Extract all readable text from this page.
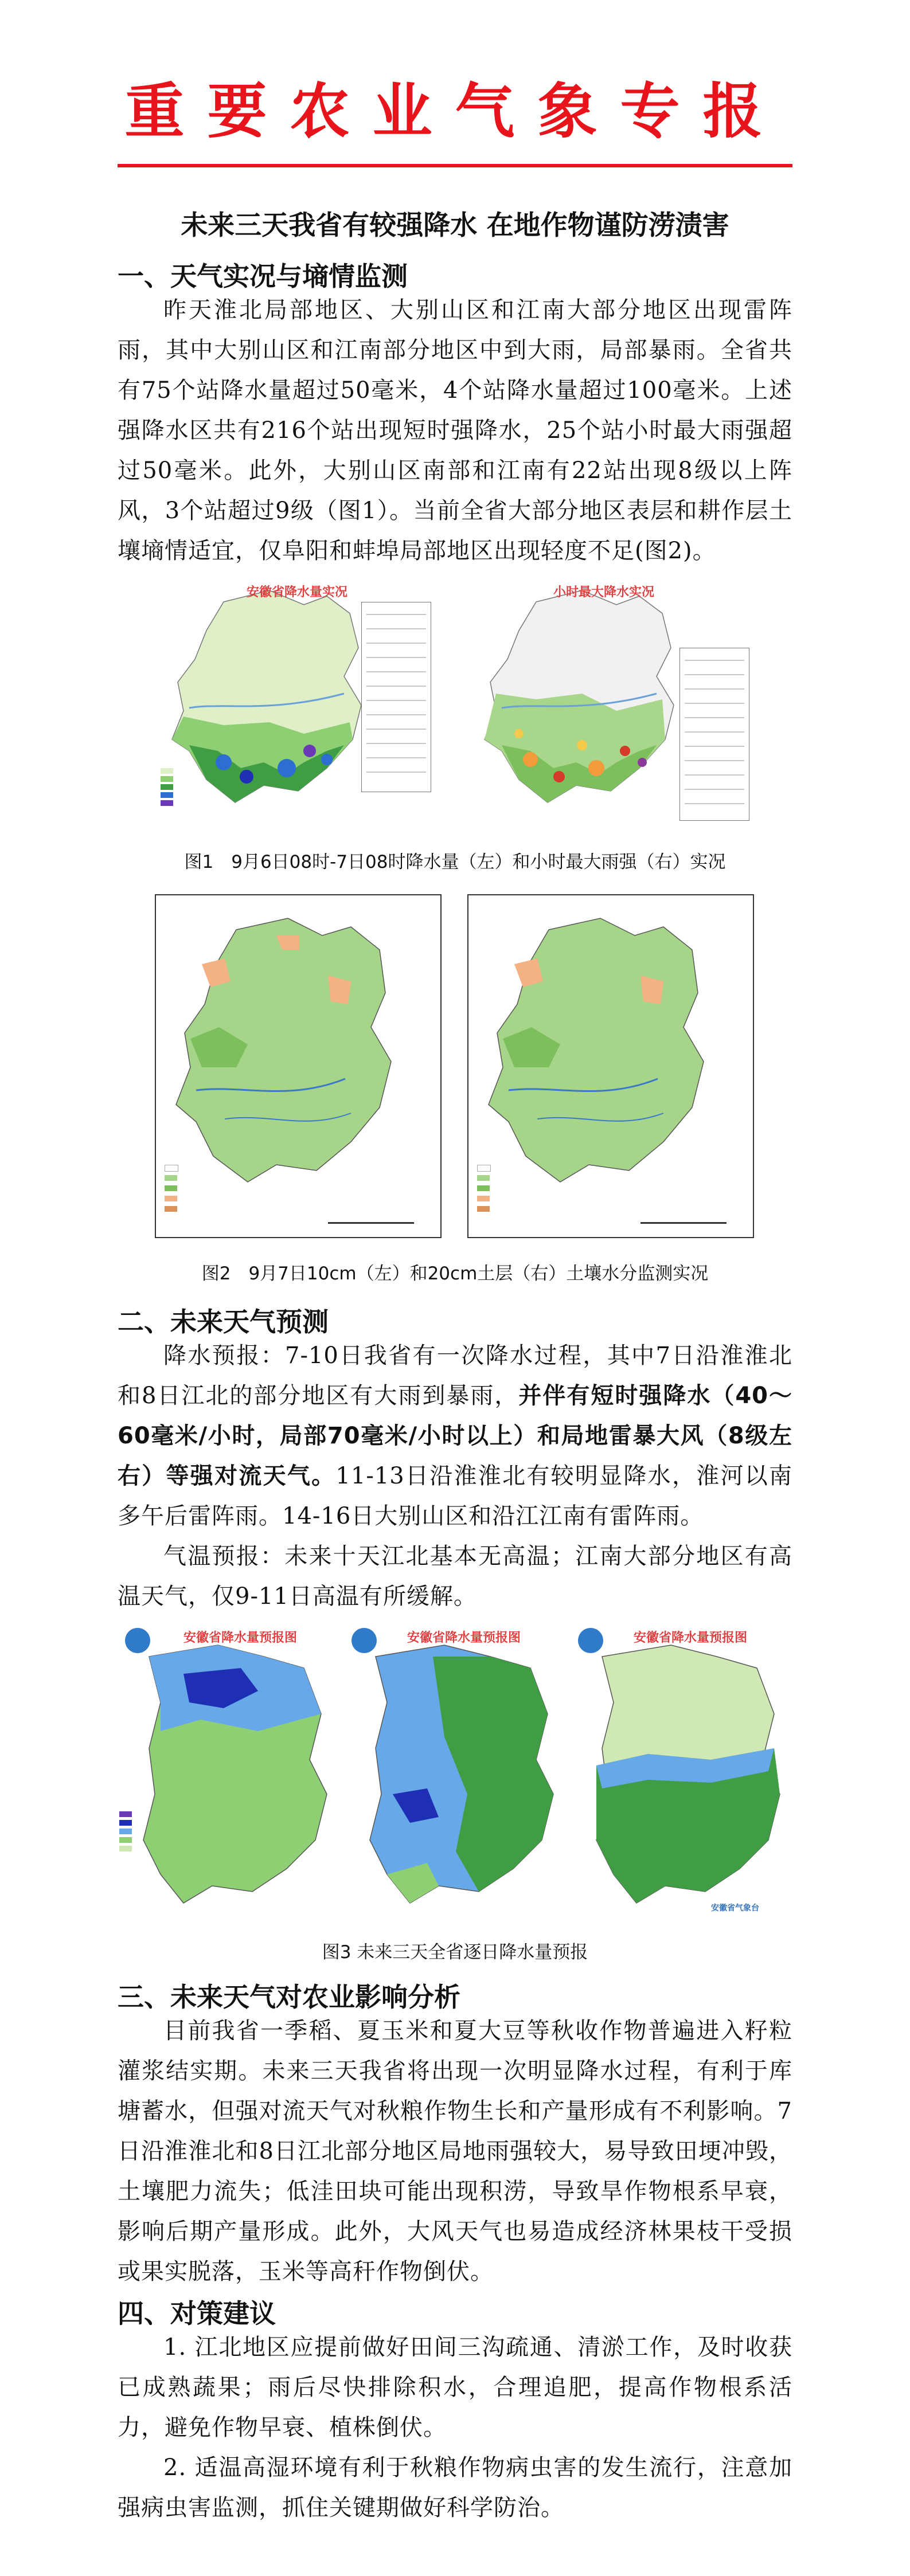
重要农业气象专报
未来三天我省有较强降水 在地作物谨防涝渍害
一、天气实况与墒情监测

昨天淮北局部地区、大别山区和江南大部分地区出现雷阵雨，其中大别山区和江南部分地区中到大雨，局部暴雨。全省共有75个站降水量超过50毫米，4个站降水量超过100毫米。上述强降水区共有216个站出现短时强降水，25个站小时最大雨强超过50毫米。此外，大别山区南部和江南有22站出现8级以上阵风，3个站超过9级（图1）。当前全省大部分地区表层和耕作层土壤墒情适宜，仅阜阳和蚌埠局部地区出现轻度不足(图2)。

安徽省降水量实况	小时最大降水实况
图1　9月6日08时-7日08时降水量（左）和小时最大雨强（右）实况
图2　9月7日10cm（左）和20cm土层（右）土壤水分监测实况
二、未来天气预测

降水预报：7-10日我省有一次降水过程，其中7日沿淮淮北和8日江北的部分地区有大雨到暴雨，并伴有短时强降水（40～60毫米/小时，局部70毫米/小时以上）和局地雷暴大风（8级左右）等强对流天气。11-13日沿淮淮北有较明显降水，淮河以南多午后雷阵雨。14-16日大别山区和沿江江南有雷阵雨。

气温预报：未来十天江北基本无高温；江南大部分地区有高温天气，仅9-11日高温有所缓解。

安徽省降水量预报图	安徽省降水量预报图	安徽省降水量预报图
安徽省气象台
图3 未来三天全省逐日降水量预报
三、未来天气对农业影响分析

目前我省一季稻、夏玉米和夏大豆等秋收作物普遍进入籽粒灌浆结实期。未来三天我省将出现一次明显降水过程，有利于库塘蓄水，但强对流天气对秋粮作物生长和产量形成有不利影响。7日沿淮淮北和8日江北部分地区局地雨强较大，易导致田埂冲毁，土壤肥力流失；低洼田块可能出现积涝，导致旱作物根系早衰，影响后期产量形成。此外，大风天气也易造成经济林果枝干受损或果实脱落，玉米等高秆作物倒伏。

四、对策建议

1. 江北地区应提前做好田间三沟疏通、清淤工作，及时收获已成熟蔬果；雨后尽快排除积水，合理追肥，提高作物根系活力，避免作物早衰、植株倒伏。

2. 适温高湿环境有利于秋粮作物病虫害的发生流行，注意加强病虫害监测，抓住关键期做好科学防治。
